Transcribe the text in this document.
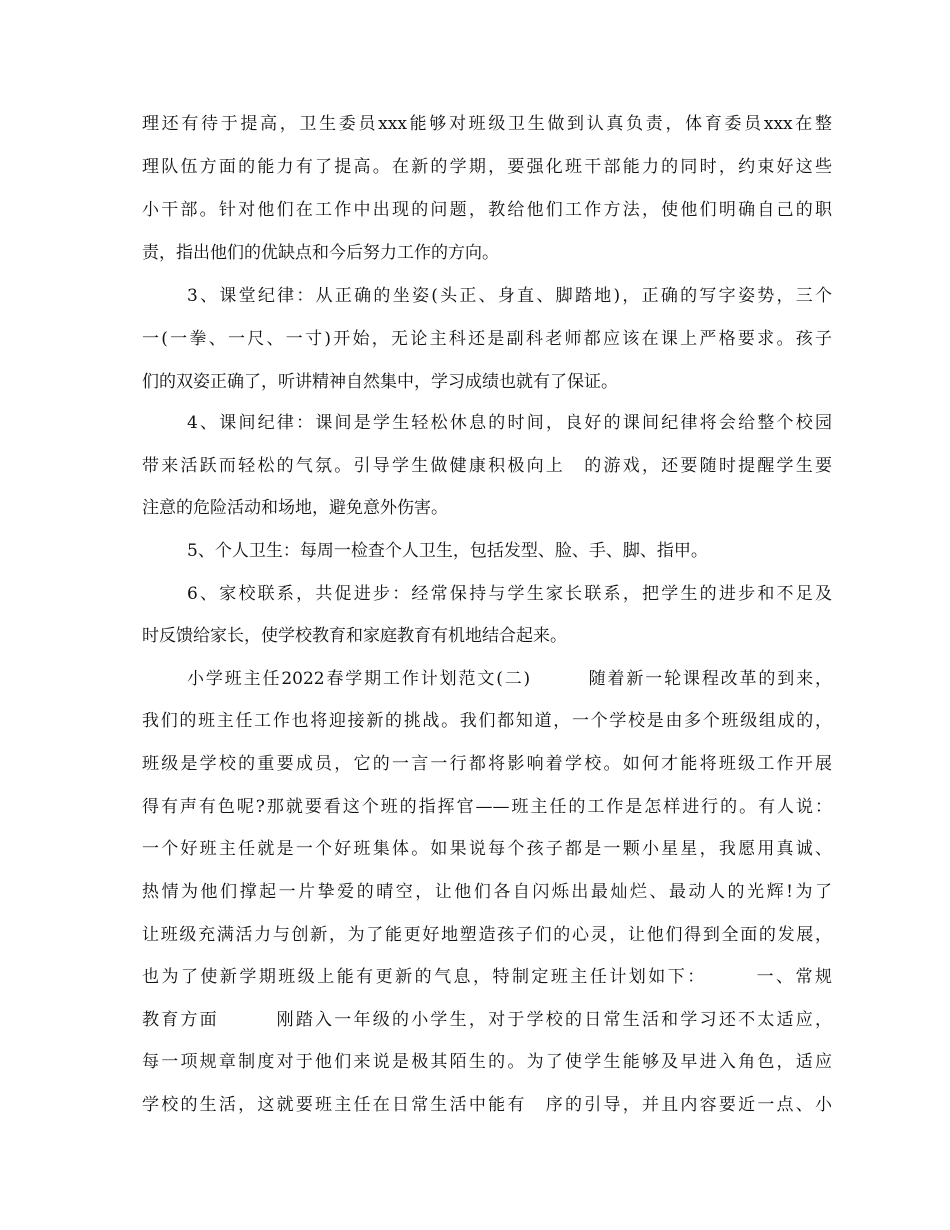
理还有待于提高，卫生委员xxx能够对班级卫生做到认真负责，体育委员xxx在整
理队伍方面的能力有了提高。在新的学期，要强化班干部能力的同时，约束好这些
小干部。针对他们在工作中出现的问题，教给他们工作方法，使他们明确自己的职
责，指出他们的优缺点和今后努力工作的方向。
3、课堂纪律：从正确的坐姿(头正、身直、脚踏地)，正确的写字姿势，三个
一(一拳、一尺、一寸)开始，无论主科还是副科老师都应该在课上严格要求。孩子
们的双姿正确了，听讲精神自然集中，学习成绩也就有了保证。
4、课间纪律：课间是学生轻松休息的时间，良好的课间纪律将会给整个校园
带来活跃而轻松的气氛。引导学生做健康积极向上　的游戏，还要随时提醒学生要
注意的危险活动和场地，避免意外伤害。
5、个人卫生：每周一检查个人卫生，包括发型、脸、手、脚、指甲。
6、家校联系，共促进步：经常保持与学生家长联系，把学生的进步和不足及
时反馈给家长，使学校教育和家庭教育有机地结合起来。
小学班主任2022春学期工作计划范文(二)　　　随着新一轮课程改革的到来，
我们的班主任工作也将迎接新的挑战。我们都知道，一个学校是由多个班级组成的，
班级是学校的重要成员，它的一言一行都将影响着学校。如何才能将班级工作开展
得有声有色呢?那就要看这个班的指挥官——班主任的工作是怎样进行的。有人说：
一个好班主任就是一个好班集体。如果说每个孩子都是一颗小星星，我愿用真诚、
热情为他们撑起一片挚爱的晴空，让他们各自闪烁出最灿烂、最动人的光辉!为了
让班级充满活力与创新，为了能更好地塑造孩子们的心灵，让他们得到全面的发展，
也为了使新学期班级上能有更新的气息，特制定班主任计划如下：　　　一、常规
教育方面　　　刚踏入一年级的小学生，对于学校的日常生活和学习还不太适应，
每一项规章制度对于他们来说是极其陌生的。为了使学生能够及早进入角色，适应
学校的生活，这就要班主任在日常生活中能有　序的引导，并且内容要近一点、小
